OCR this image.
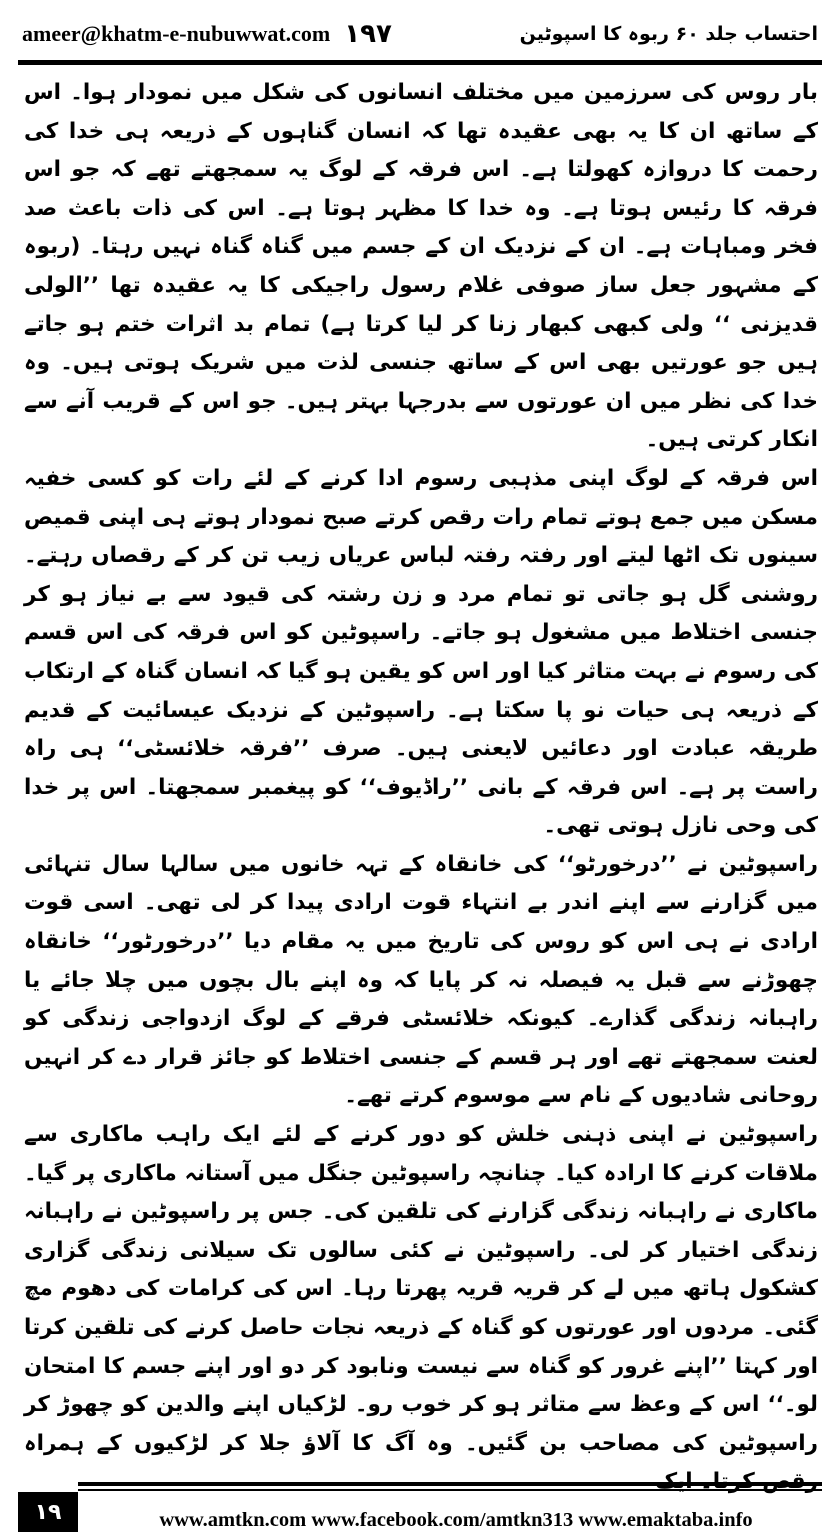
ameer@khatm-e-nubuwwat.com ۱۹۷	احتساب جلد ۶۰ ربوہ کا اسپوٹین

بار روس کی سرزمین میں مختلف انسانوں کی شکل میں نمودار ہوا۔ اس کے ساتھ ان کا یہ بھی عقیدہ تھا کہ انسان گناہوں کے ذریعہ ہی خدا کی رحمت کا دروازہ کھولتا ہے۔ اس فرقہ کے لوگ یہ سمجھتے تھے کہ جو اس فرقہ کا رئیس ہوتا ہے۔ وہ خدا کا مظہر ہوتا ہے۔ اس کی ذات باعث صد فخر ومباہات ہے۔ ان کے نزدیک ان کے جسم میں گناہ گناہ نہیں رہتا۔ (ربوہ کے مشہور جعل ساز صوفی غلام رسول راجیکی کا یہ عقیدہ تھا ’’الولی قدیزنی ‘‘ ولی کبھی کبھار زنا کر لیا کرتا ہے) تمام بد اثرات ختم ہو جاتے ہیں جو عورتیں بھی اس کے ساتھ جنسی لذت میں شریک ہوتی ہیں۔ وہ خدا کی نظر میں ان عورتوں سے بدرجہا بہتر ہیں۔ جو اس کے قریب آنے سے انکار کرتی ہیں۔

اس فرقہ کے لوگ اپنی مذہبی رسوم ادا کرنے کے لئے رات کو کسی خفیہ مسکن میں جمع ہوتے تمام رات رقص کرتے صبح نمودار ہوتے ہی اپنی قمیص سینوں تک اٹھا لیتے اور رفتہ رفتہ لباس عریاں زیب تن کر کے رقصاں رہتے۔ روشنی گل ہو جاتی تو تمام مرد و زن رشتہ کی قیود سے بے نیاز ہو کر جنسی اختلاط میں مشغول ہو جاتے۔ راسپوٹین کو اس فرقہ کی اس قسم کی رسوم نے بہت متاثر کیا اور اس کو یقین ہو گیا کہ انسان گناہ کے ارتکاب کے ذریعہ ہی حیات نو پا سکتا ہے۔ راسپوٹین کے نزدیک عیسائیت کے قدیم طریقہ عبادت اور دعائیں لایعنی ہیں۔ صرف ’’فرقہ خلائسٹی‘‘ ہی راہ راست پر ہے۔ اس فرقہ کے بانی ’’راڈیوف‘‘ کو پیغمبر سمجھتا۔ اس پر خدا کی وحی نازل ہوتی تھی۔

راسپوٹین نے ’’درخورٹو‘‘ کی خانقاہ کے تہہ خانوں میں سالہا سال تنہائی میں گزارنے سے اپنے اندر بے انتہاء قوت ارادی پیدا کر لی تھی۔ اسی قوت ارادی نے ہی اس کو روس کی تاریخ میں یہ مقام دیا ’’درخورٹور‘‘ خانقاہ چھوڑنے سے قبل یہ فیصلہ نہ کر پایا کہ وہ اپنے بال بچوں میں چلا جائے یا راہبانہ زندگی گذارے۔ کیونکہ خلائسٹی فرقے کے لوگ ازدواجی زندگی کو لعنت سمجھتے تھے اور ہر قسم کے جنسی اختلاط کو جائز قرار دے کر انہیں روحانی شادیوں کے نام سے موسوم کرتے تھے۔

راسپوٹین نے اپنی ذہنی خلش کو دور کرنے کے لئے ایک راہب ماکاری سے ملاقات کرنے کا ارادہ کیا۔ چنانچہ راسپوٹین جنگل میں آستانہ ماکاری پر گیا۔ ماکاری نے راہبانہ زندگی گزارنے کی تلقین کی۔ جس پر راسپوٹین نے راہبانہ زندگی اختیار کر لی۔ راسپوٹین نے کئی سالوں تک سیلانی زندگی گزاری کشکول ہاتھ میں لے کر قریہ قریہ پھرتا رہا۔ اس کی کرامات کی دھوم مچ گئی۔ مردوں اور عورتوں کو گناہ کے ذریعہ نجات حاصل کرنے کی تلقین کرتا اور کہتا ’’اپنے غرور کو گناہ سے نیست ونابود کر دو اور اپنے جسم کا امتحان لو۔‘‘ اس کے وعظ سے متاثر ہو کر خوب رو۔ لڑکیاں اپنے والدین کو چھوڑ کر راسپوٹین کی مصاحب بن گئیں۔ وہ آگ کا آلاؤ جلا کر لڑکیوں کے ہمراہ

۱۹	www.amtkn.com www.facebook.com/amtkn313 www.emaktaba.info
